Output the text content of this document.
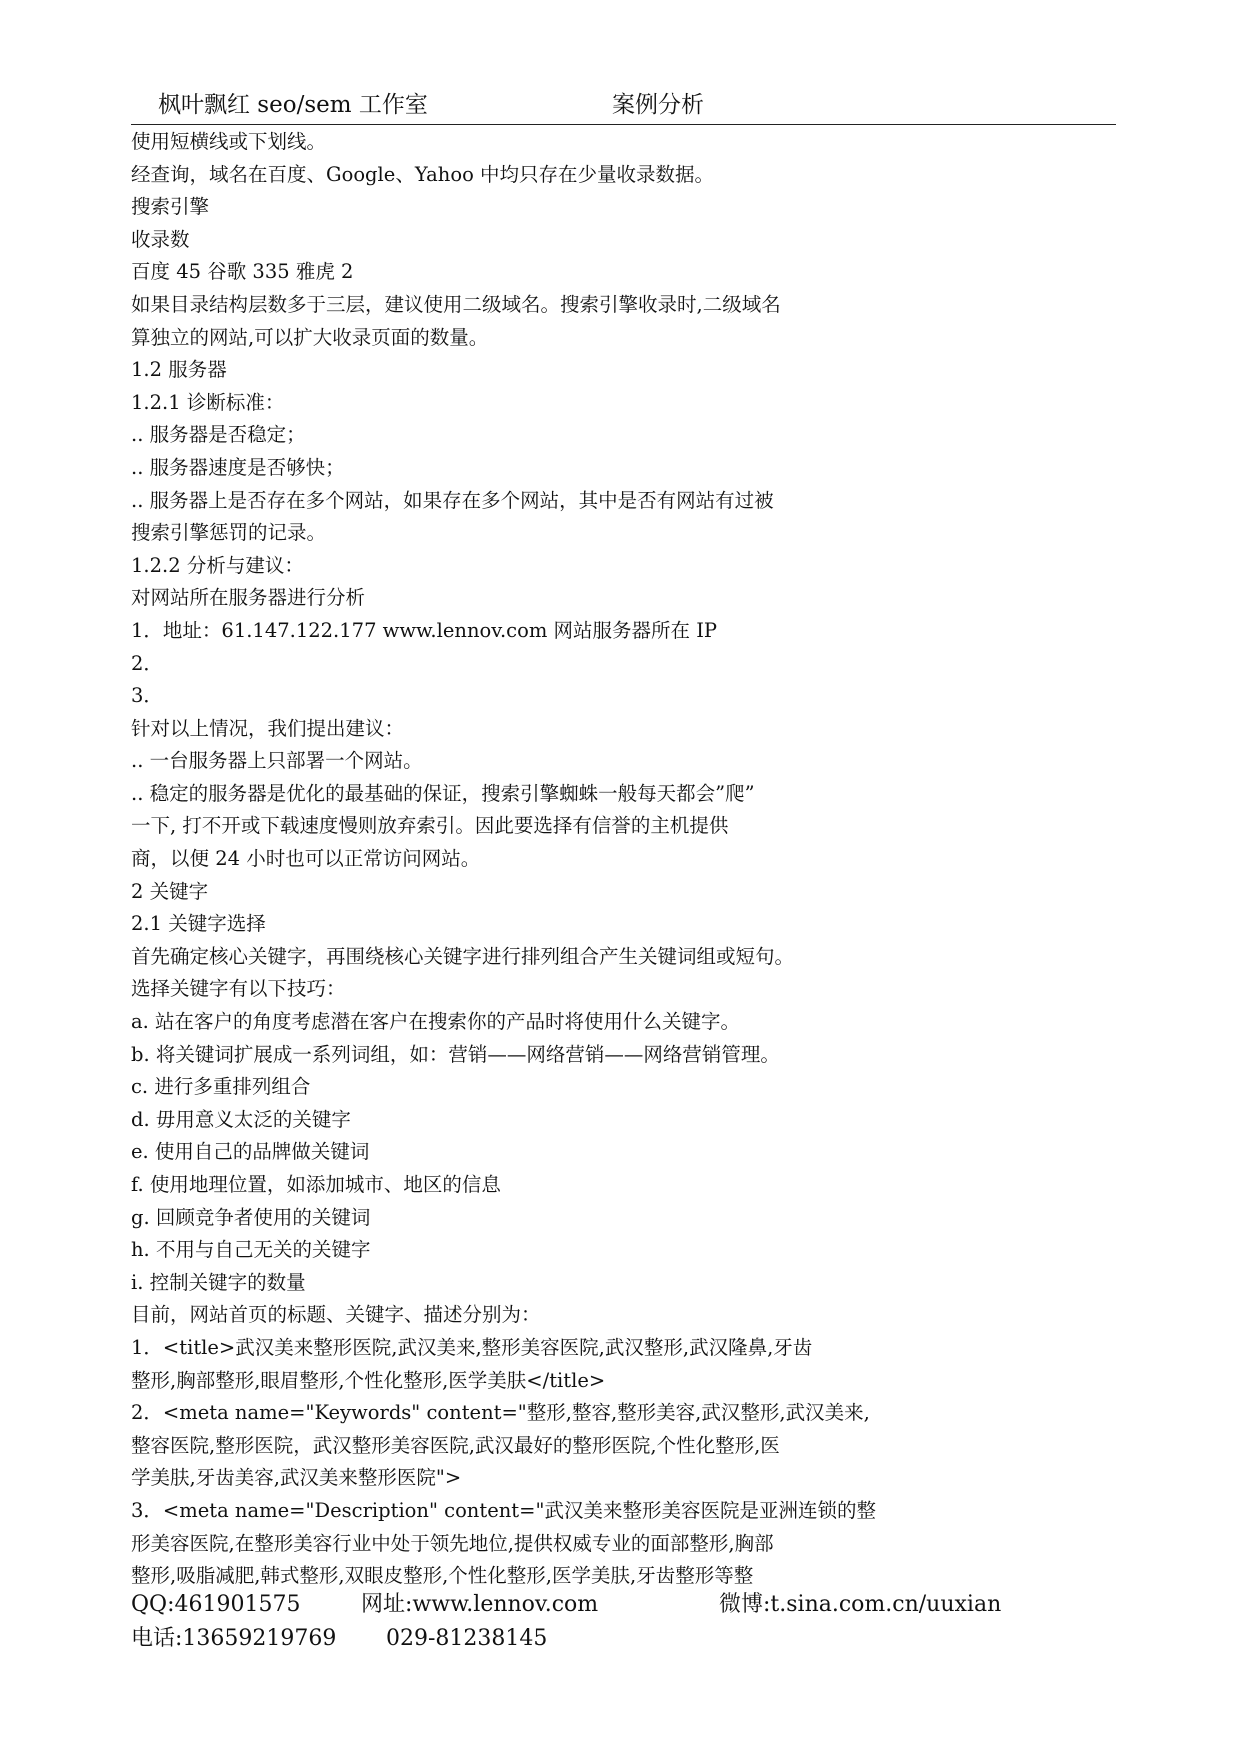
枫叶飘红 seo/sem 工作室	案例分析
使用短横线或下划线。
经查询，域名在百度、Google、Yahoo 中均只存在少量收录数据。
搜索引擎
收录数
百度 45 谷歌 335 雅虎 2
如果目录结构层数多于三层，建议使用二级域名。搜索引擎收录时,二级域名
算独立的网站,可以扩大收录页面的数量。
1.2 服务器
1.2.1 诊断标准：
.. 服务器是否稳定；
.. 服务器速度是否够快；
.. 服务器上是否存在多个网站，如果存在多个网站，其中是否有网站有过被
搜索引擎惩罚的记录。
1.2.2 分析与建议：
对网站所在服务器进行分析
1．地址：61.147.122.177 www.lennov.com 网站服务器所在 IP
2．
3．
针对以上情况，我们提出建议：
.. 一台服务器上只部署一个网站。
.. 稳定的服务器是优化的最基础的保证，搜索引擎蜘蛛一般每天都会”爬”
一下, 打不开或下载速度慢则放弃索引。因此要选择有信誉的主机提供
商，以便 24 小时也可以正常访问网站。
2 关键字
2.1 关键字选择
首先确定核心关键字，再围绕核心关键字进行排列组合产生关键词组或短句。
选择关键字有以下技巧：
a. 站在客户的角度考虑潜在客户在搜索你的产品时将使用什么关键字。
b. 将关键词扩展成一系列词组，如：营销——网络营销——网络营销管理。
c. 进行多重排列组合
d. 毋用意义太泛的关键字
e. 使用自己的品牌做关键词
f. 使用地理位置，如添加城市、地区的信息
g. 回顾竞争者使用的关键词
h. 不用与自己无关的关键字
i. 控制关键字的数量
目前，网站首页的标题、关键字、描述分别为：
1．<title>武汉美来整形医院,武汉美来,整形美容医院,武汉整形,武汉隆鼻,牙齿
整形,胸部整形,眼眉整形,个性化整形,医学美肤</title>
2．<meta name="Keywords" content="整形,整容,整形美容,武汉整形,武汉美来,
整容医院,整形医院，武汉整形美容医院,武汉最好的整形医院,个性化整形,医
学美肤,牙齿美容,武汉美来整形医院">
3．<meta name="Description" content="武汉美来整形美容医院是亚洲连锁的整
形美容医院,在整形美容行业中处于领先地位,提供权威专业的面部整形,胸部
整形,吸脂减肥,韩式整形,双眼皮整形,个性化整形,医学美肤,牙齿整形等整
QQ:461901575	网址:www.lennov.com	微博:t.sina.com.cn/uuxian
电话:13659219769 029-81238145
